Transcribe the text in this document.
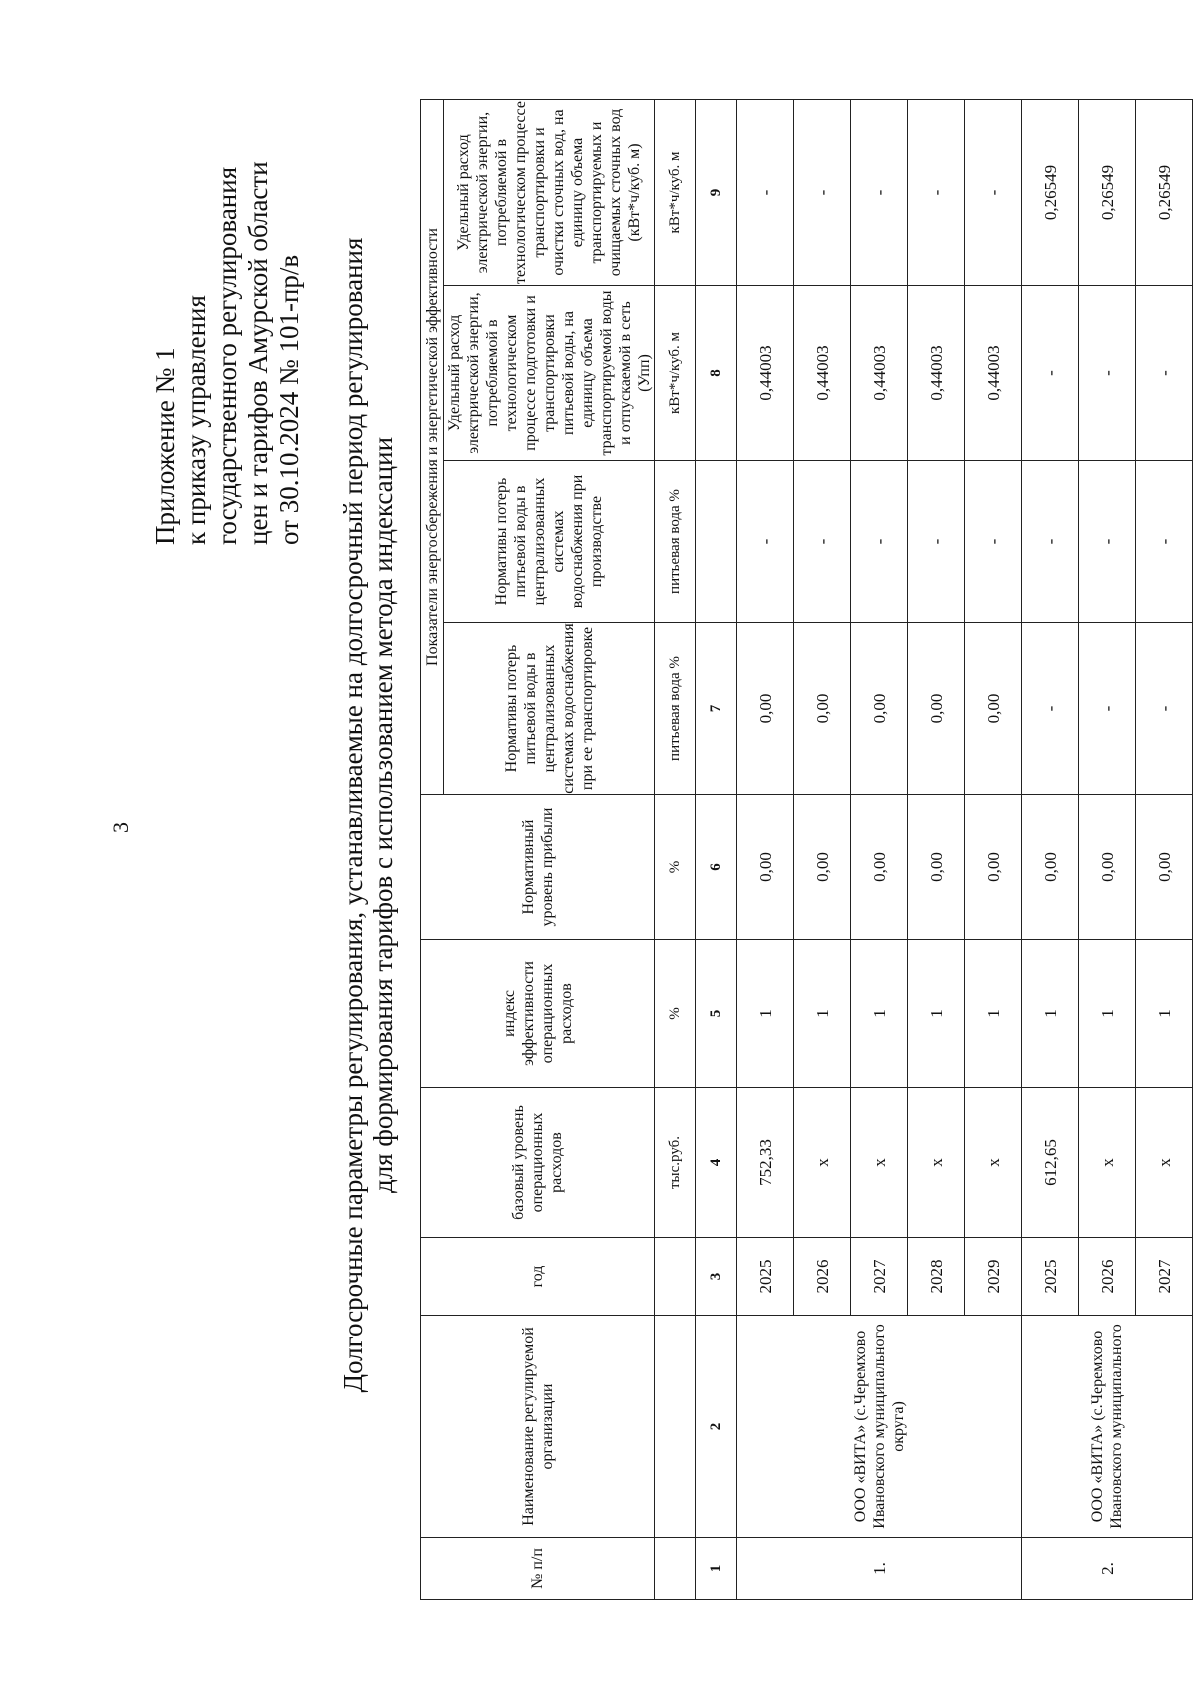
3
Приложение № 1 к приказу управления государственного регулирования цен и тарифов Амурской области от 30.10.2024 № 101-пр/в Долгосрочные параметры регулирования, устанавливаемые на долгосрочный период регулирования для формирования тарифов с использованием метода индексации
№ п/п	Наименование регулируемой организации	год	базовый уровень операционных расходов	индекс эффективности операционных расходов	Нормативный уровень прибыли	Показатели энергосбережения и энергетической эффективности			
						Нормативы потерь питьевой воды в централизованных системах водоснабжения при ее транспортировке	Нормативы потерь питьевой воды в централизованных системах водоснабжения при производстве	Удельный расход электрической энергии, потребляемой в технологическом процессе подготовки и транспортировки питьевой воды, на единицу объема транспортируемой воды и отпускаемой в сеть (Упп)	Удельный расход электрической энергии, потребляемой в технологическом процессе транспортировки и очистки сточных вод, на единицу объема транспортируемых и очищаемых сточных вод (кВт*ч/куб. м)
			тыс.руб.	%	%	питьевая вода %	питьевая вода %	кВт*ч/куб. м	кВт*ч/куб. м
1	2	3	4	5	6	7		8	9
1.	ООО «ВИТА» (с.Черемхово Ивановского муниципального округа)	2025	752,33	1	0,00	0,00	-	0,44003	-
		2026	х	1	0,00	0,00	-	0,44003	-
		2027	х	1	0,00	0,00	-	0,44003	-
		2028	х	1	0,00	0,00	-	0,44003	-
		2029	х	1	0,00	0,00	-	0,44003	-
2.	ООО «ВИТА» (с.Черемхово Ивановского муниципального	2025	612,65	1	0,00	-	-	-	0,26549
		2026	х	1	0,00	-	-	-	0,26549
		2027	х	1	0,00	-	-	-	0,26549
